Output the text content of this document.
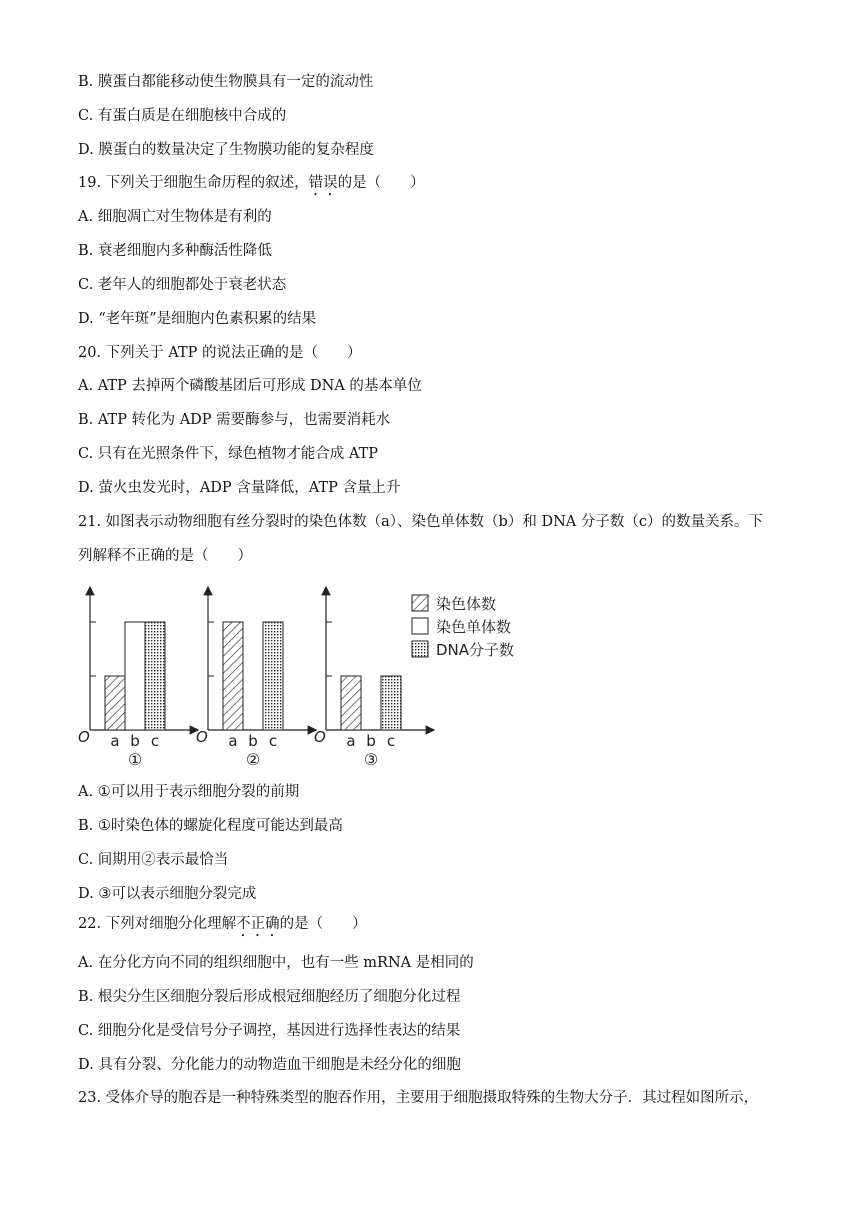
B. 膜蛋白都能移动使生物膜具有一定的流动性
C. 有蛋白质是在细胞核中合成的
D. 膜蛋白的数量决定了生物膜功能的复杂程度
19. 下列关于细胞生命历程的叙述，错误的是（　　）
A. 细胞凋亡对生物体是有利的
B. 衰老细胞内多种酶活性降低
C. 老年人的细胞都处于衰老状态
D. “老年斑”是细胞内色素积累的结果
20. 下列关于 ATP 的说法正确的是（　　）
A. ATP 去掉两个磷酸基团后可形成 DNA 的基本单位
B. ATP 转化为 ADP 需要酶参与，也需要消耗水
C. 只有在光照条件下，绿色植物才能合成 ATP
D. 萤火虫发光时，ADP 含量降低，ATP 含量上升
21. 如图表示动物细胞有丝分裂时的染色体数（a）、染色单体数（b）和 DNA 分子数（c）的数量关系。下
列解释不正确的是（　　）
O a b c
①
O a b c
②
O a b c
③
染色体数
染色单体数
DNA分子数
A. ①可以用于表示细胞分裂的前期
B. ①时染色体的螺旋化程度可能达到最高
C. 间期用②表示最恰当
D. ③可以表示细胞分裂完成
22. 下列对细胞分化理解不正确的是（　　）
A. 在分化方向不同的组织细胞中，也有一些 mRNA 是相同的
B. 根尖分生区细胞分裂后形成根冠细胞经历了细胞分化过程
C. 细胞分化是受信号分子调控，基因进行选择性表达的结果
D. 具有分裂、分化能力的动物造血干细胞是未经分化的细胞
23. 受体介导的胞吞是一种特殊类型的胞吞作用，主要用于细胞摄取特殊的生物大分子．其过程如图所示，
